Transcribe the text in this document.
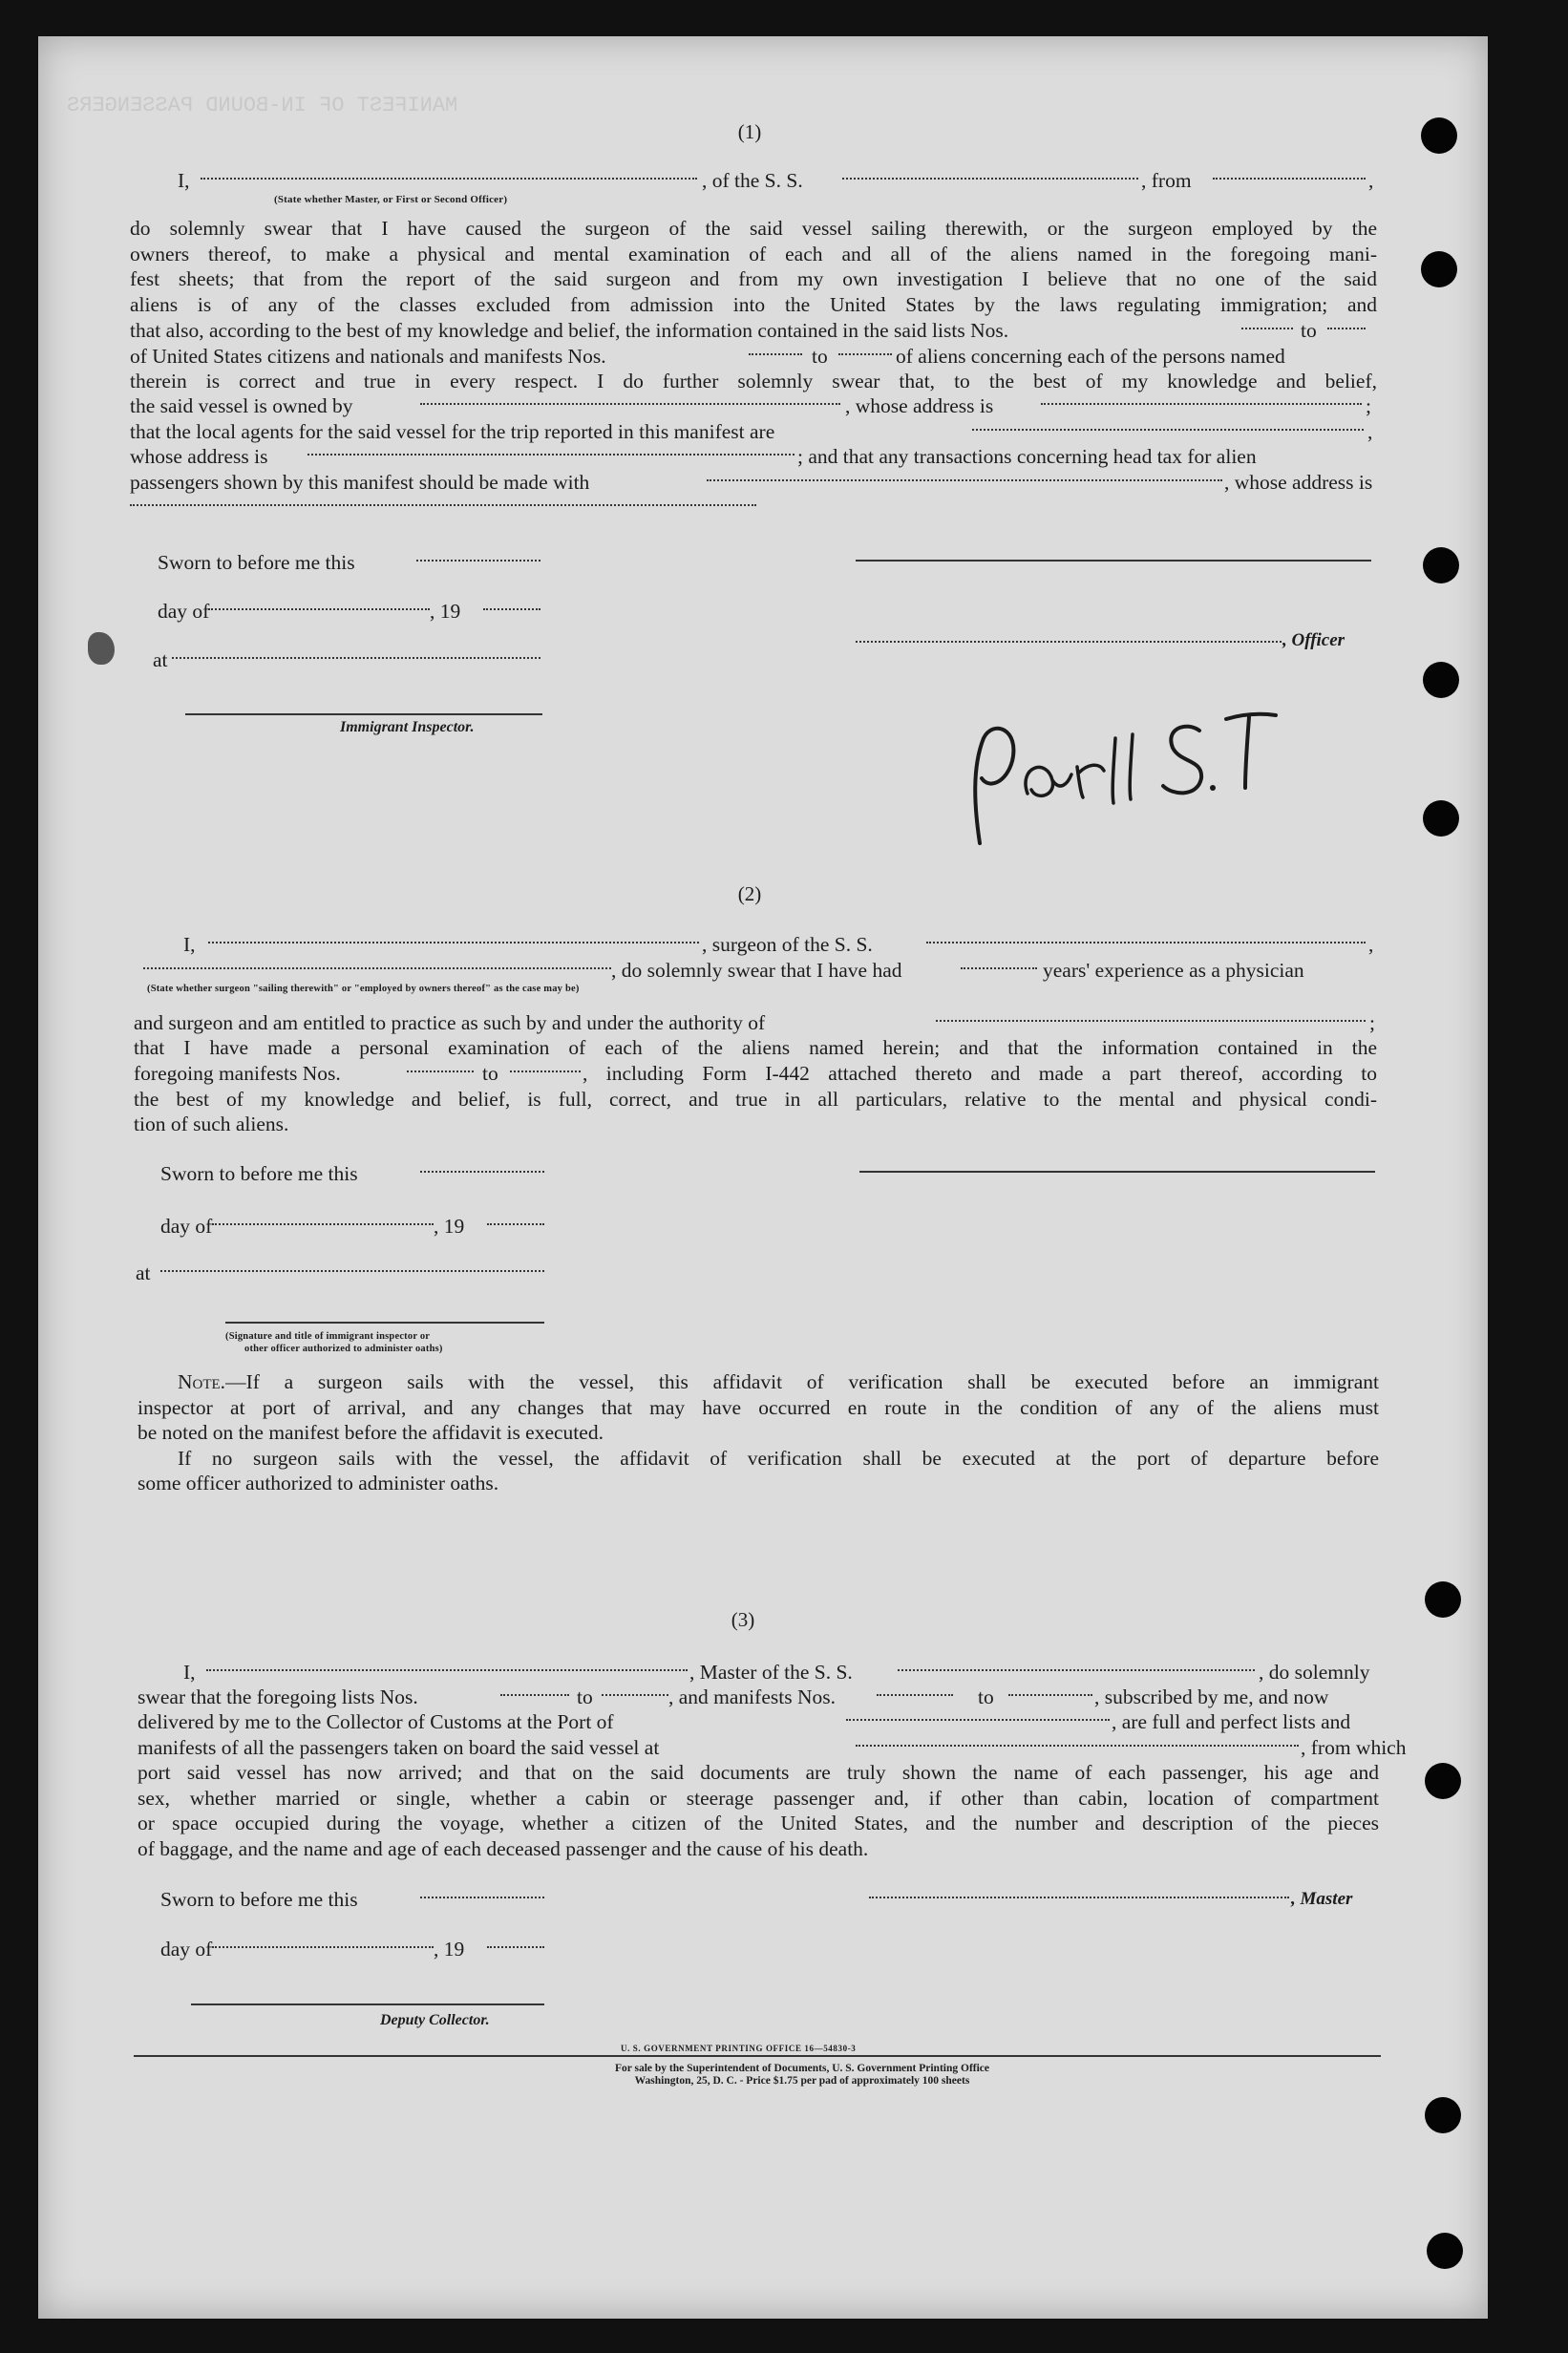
MANIFEST OF IN-BOUND PASSENGERS
(1)
I,	, of the S. S.	, from	,
(State whether Master, or First or Second Officer)
do solemnly swear that I have caused the surgeon of the said vessel sailing therewith, or the surgeon employed by the
owners thereof, to make a physical and mental examination of each and all of the aliens named in the foregoing mani-
fest sheets; that from the report of the said surgeon and from my own investigation I believe that no one of the said
aliens is of any of the classes excluded from admission into the United States by the laws regulating immigration; and
that also, according to the best of my knowledge and belief, the information contained in the said lists Nos.	to
of United States citizens and nationals and manifests Nos.	to	of aliens concerning each of the persons named
therein is correct and true in every respect. I do further solemnly swear that, to the best of my knowledge and belief,
the said vessel is owned by	, whose address is	;
that the local agents for the said vessel for the trip reported in this manifest are	,
whose address is	; and that any transactions concerning head tax for alien
passengers shown by this manifest should be made with	, whose address is
Sworn to before me this
day of	, 19
, Officer
at
Immigrant Inspector.
Pan S.I
(2)
I,	, surgeon of the S. S.	,
, do solemnly swear that I have had	years' experience as a physician
(State whether surgeon "sailing therewith" or "employed by owners thereof" as the case may be)
and surgeon and am entitled to practice as such by and under the authority of	;
that I have made a personal examination of each of the aliens named herein; and that the information contained in the
foregoing manifests Nos.	to	, including Form I-442 attached thereto and made a part thereof, according to
the best of my knowledge and belief, is full, correct, and true in all particulars, relative to the mental and physical condi-
tion of such aliens.
Sworn to before me this
day of	, 19
at
(Signature and title of immigrant inspector or
other officer authorized to administer oaths)
Note.—If a surgeon sails with the vessel, this affidavit of verification shall be executed before an immigrant
inspector at port of arrival, and any changes that may have occurred en route in the condition of any of the aliens must
be noted on the manifest before the affidavit is executed.
If no surgeon sails with the vessel, the affidavit of verification shall be executed at the port of departure before
some officer authorized to administer oaths.
(3)
I,	, Master of the S. S.	, do solemnly
swear that the foregoing lists Nos.	to	, and manifests Nos.	to	, subscribed by me, and now
delivered by me to the Collector of Customs at the Port of	, are full and perfect lists and
manifests of all the passengers taken on board the said vessel at	, from which
port said vessel has now arrived; and that on the said documents are truly shown the name of each passenger, his age and
sex, whether married or single, whether a cabin or steerage passenger and, if other than cabin, location of compartment
or space occupied during the voyage, whether a citizen of the United States, and the number and description of the pieces
of baggage, and the name and age of each deceased passenger and the cause of his death.
Sworn to before me this	, Master
day of	, 19
Deputy Collector.
U. S. GOVERNMENT PRINTING OFFICE 16—54830-3
For sale by the Superintendent of Documents, U. S. Government Printing Office
Washington, 25, D. C. - Price $1.75 per pad of approximately 100 sheets
